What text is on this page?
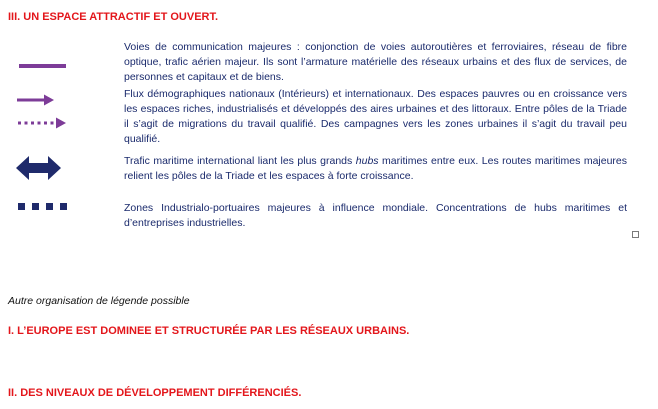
III. UN ESPACE ATTRACTIF ET OUVERT.
Voies de communication majeures : conjonction de voies autoroutières et ferroviaires, réseau de fibre optique, trafic aérien majeur. Ils sont l’armature matérielle des réseaux urbains et des flux de services, de personnes et capitaux et de biens.
Flux démographiques nationaux (Intérieurs) et internationaux. Des espaces pauvres ou en croissance vers les espaces riches, industrialisés et développés des aires urbaines et des littoraux. Entre pôles de la Triade il s’agit de migrations du travail qualifié. Des campagnes vers les zones urbaines il s’agit du travail peu qualifié.
Trafic maritime international liant les plus grands hubs maritimes entre eux. Les routes maritimes majeures relient les pôles de la Triade et les espaces à forte croissance.
Zones Industrialo-portuaires majeures à influence mondiale. Concentrations de hubs maritimes et d’entreprises industrielles.
Autre organisation de légende possible
I. L’EUROPE EST DOMINEE ET STRUCTURÉE PAR LES RÉSEAUX URBAINS.
II. DES NIVEAUX DE DÉVELOPPEMENT DIFFÉRENCIÉS.
